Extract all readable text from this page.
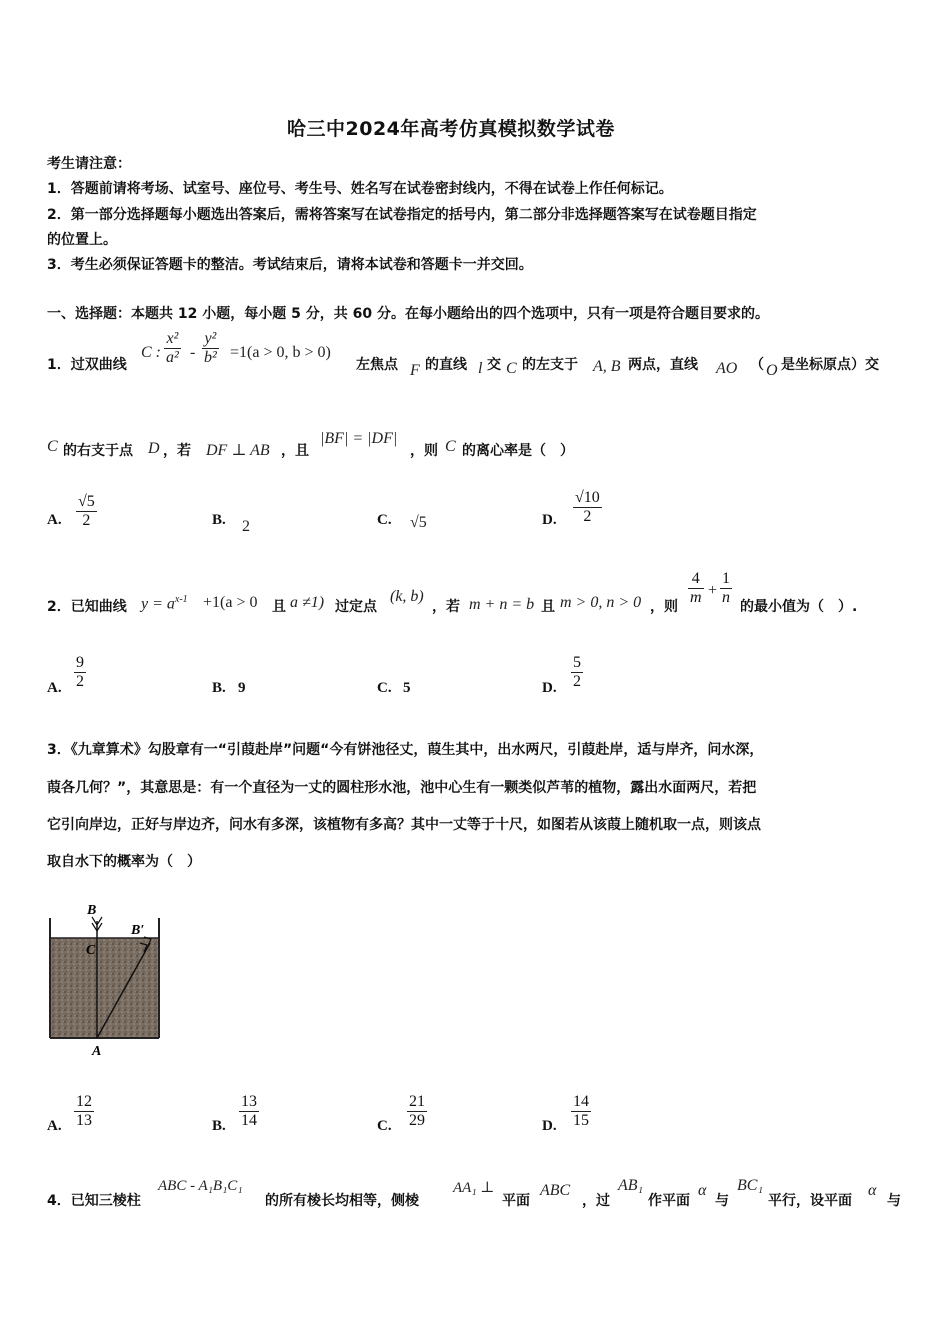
哈三中2024年高考仿真模拟数学试卷
考生请注意：
1．答题前请将考场、试室号、座位号、考生号、姓名写在试卷密封线内，不得在试卷上作任何标记。
2．第一部分选择题每小题选出答案后，需将答案写在试卷指定的括号内，第二部分非选择题答案写在试卷题目指定
的位置上。
3．考生必须保证答题卡的整洁。考试结束后，请将本试卷和答题卡一并交回。
一、选择题：本题共 12 小题，每小题 5 分，共 60 分。在每小题给出的四个选项中，只有一项是符合题目要求的。
1．过双曲线
C : $\frac{\text{x²}}{\text{a²}} - \frac{\text{y²}}{\text{b²}} =1(a > 0$, b > 0)
左焦点 F 的直线 l 交 C 的左支于 A, B 两点，直线 AO （ O 是坐标原点）交
C 的右支于点 D ，若 DF ⊥ AB ，且
|BF| = |DF|
，则 C 的离心率是（　）
A. $\frac{√5}{2}$	B. 2	C. √5	D. $\frac{√10}{2}$
2．已知曲线 $y = a^{x-1} +1(a > 0$ 且 a ≠1) 过定点
(k, b)
，若 m + n = b 且 m > 0, n > 0 ，则 $\frac{4}{m} + \frac{1}{n}$ 的最小值为（　）.
A. $\frac{9}{2}$	B. 9	C. 5	D. $\frac{5}{2}$
3．《九章算术》勾股章有一“引葭赴岸”问题“今有饼池径丈，葭生其中，出水两尺，引葭赴岸，适与岸齐，问水深，
葭各几何？”，其意思是：有一个直径为一丈的圆柱形水池，池中心生有一颗类似芦苇的植物，露出水面两尺，若把
它引向岸边，正好与岸边齐，问水有多深，该植物有多高？其中一丈等于十尺，如图若从该葭上随机取一点，则该点
取自水下的概率为（　）
B
B′
C
A
A. $\frac{12}{13}$	B. $\frac{13}{14}$	C. $\frac{21}{29}$	D. $\frac{14}{15}$
4．已知三棱柱
ABC - A₁B₁C₁
的所有棱长均相等，侧棱
AA₁ ⊥
平面
ABC
，过
AB₁
作平面
α
与
BC₁
平行，设平面
α
与
